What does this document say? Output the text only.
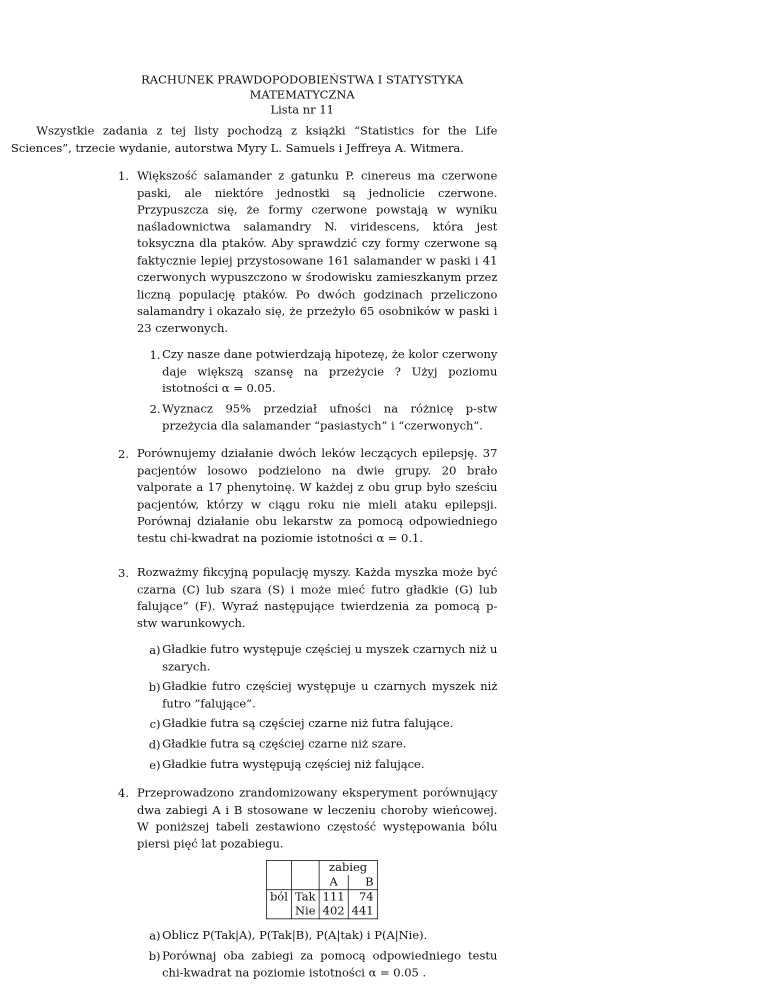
RACHUNEK PRAWDOPODOBIEŃSTWA I STATYSTYKA
MATEMATYCZNA
Lista nr 11
Wszystkie zadania z tej listy pochodzą z książki “Statistics for the Life Sciences”, trzecie wydanie, autorstwa Myry L. Samuels i Jeffreya A. Witmera.
1. Większość salamander z gatunku P. cinereus ma czerwone paski, ale niektóre jednostki są jednolicie czerwone. Przypuszcza się, że formy czerwone powstają w wyniku naśladownictwa salamandry N. viridescens, która jest toksyczna dla ptaków. Aby sprawdzić czy formy czerwone są faktycznie lepiej przystosowane 161 salamander w paski i 41 czerwonych wypuszczono w środowisku zamieszkanym przez liczną populację ptaków. Po dwóch godzinach przeliczono salamandry i okazało się, że przeżyło 65 osobników w paski i 23 czerwonych.
1. Czy nasze dane potwierdzają hipotezę, że kolor czerwony daje większą szansę na przeżycie ? Użyj poziomu istotności α = 0.05.
2. Wyznacz 95% przedział ufności na różnicę p-stw przeżycia dla salamander “pasiastych” i “czerwonych”.
2. Porównujemy działanie dwóch leków leczących epilepsję. 37 pacjentów losowo podzielono na dwie grupy. 20 brało valporate a 17 phenytoinę. W każdej z obu grup było sześciu pacjentów, którzy w ciągu roku nie mieli ataku epilepsji. Porównaj działanie obu lekarstw za pomocą odpowiedniego testu chi-kwadrat na poziomie istotności α = 0.1.
3. Rozważmy fikcyjną populację myszy. Każda myszka może być czarna (C) lub szara (S) i może mieć futro gładkie (G) lub falujące” (F). Wyraź następujące twierdzenia za pomocą p-stw warunkowych.
a) Gładkie futro występuje częściej u myszek czarnych niż u szarych.
b) Gładkie futro częściej występuje u czarnych myszek niż futro ”falujące”.
c) Gładkie futra są częściej czarne niż futra falujące.
d) Gładkie futra są częściej czarne niż szare.
e) Gładkie futra występują częściej niż falujące.
4. Przeprowadzono zrandomizowany eksperyment porównujący dwa zabiegi A i B stosowane w leczeniu choroby wieńcowej. W poniższej tabeli zestawiono częstość występowania bólu piersi pięć lat pozabiegu.
		zabieg	
		A	B
ból	Tak	111	74
	Nie	402	441
a) Oblicz P(Tak|A), P(Tak|B), P(A|tak) i P(A|Nie).
b) Porównaj oba zabiegi za pomocą odpowiedniego testu chi-kwadrat na poziomie istotności α = 0.05 .
